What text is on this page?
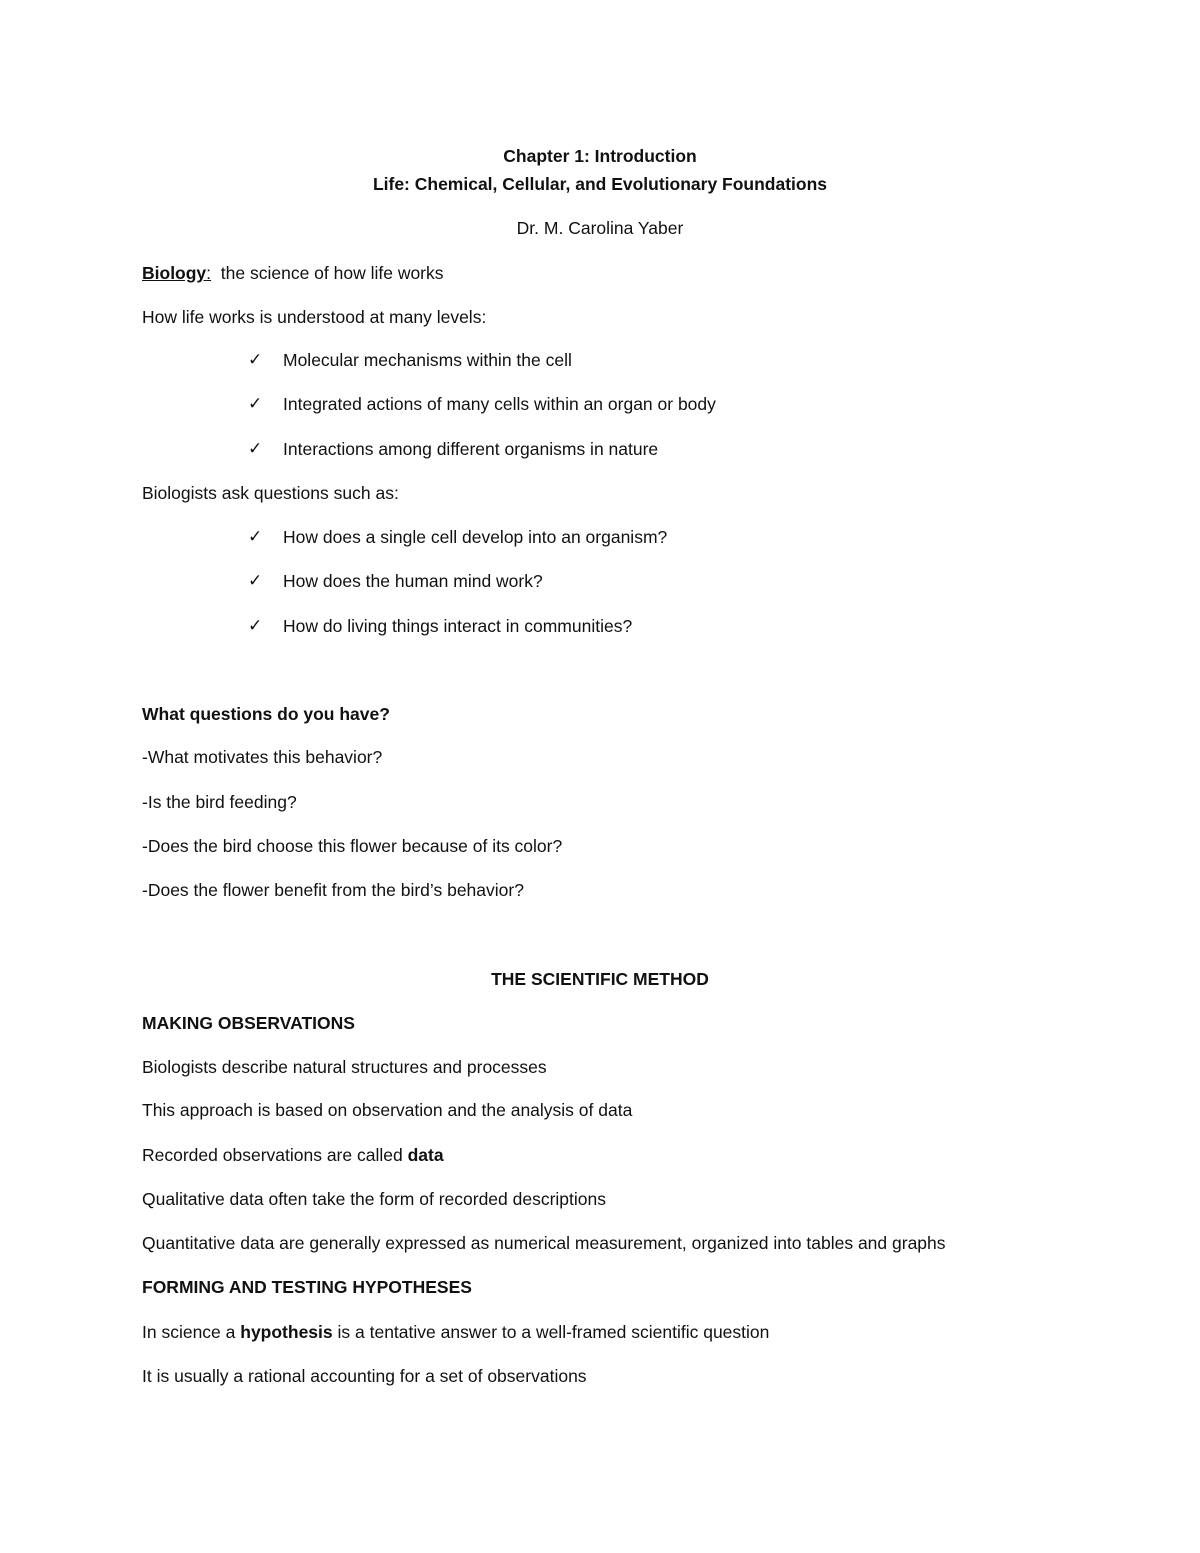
Chapter 1: Introduction
Life: Chemical, Cellular, and Evolutionary Foundations
Dr. M. Carolina Yaber
Biology:  the science of how life works
How life works is understood at many levels:
✓ Molecular mechanisms within the cell
✓ Integrated actions of many cells within an organ or body
✓ Interactions among different organisms in nature
Biologists ask questions such as:
✓ How does a single cell develop into an organism?
✓ How does the human mind work?
✓ How do living things interact in communities?
What questions do you have?
-What motivates this behavior?
-Is the bird feeding?
-Does the bird choose this flower because of its color?
-Does the flower benefit from the bird’s behavior?
THE SCIENTIFIC METHOD
MAKING OBSERVATIONS
Biologists describe natural structures and processes
This approach is based on observation and the analysis of data
Recorded observations are called data
Qualitative data often take the form of recorded descriptions
Quantitative data are generally expressed as numerical measurement, organized into tables and graphs
FORMING AND TESTING HYPOTHESES
In science a hypothesis is a tentative answer to a well-framed scientific question
It is usually a rational accounting for a set of observations
